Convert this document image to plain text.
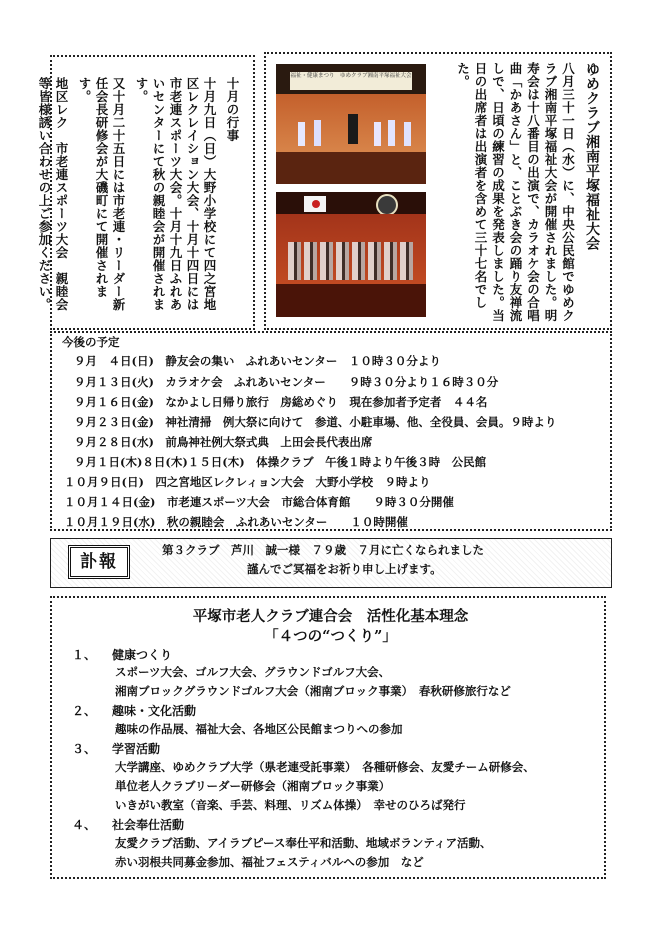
十月の行事

十月九日（日）大野小学校にて四之宮地区レクレイション大会、十月十四日には市老連スポーツ大会。十月十九日ふれあいセンターにて秋の親睦会が開催されます。

又十月二十五日には市老連・リーダー新任会長研修会が大磯町にて開催されます。

地区レク　市老連スポーツ大会　親睦会等皆様誘い合わせの上ご参加ください。

福祉・健康まつり　ゆめクラブ湘南平塚福祉大会	ゆめクラブ湘南平塚福祉大会

八月三十一日（水）に、中央公民館でゆめクラブ湘南平塚福祉大会が開催されました。明寿会は十八番目の出演で、カラオケ会の合唱曲「かあさん」と、ことぶき会の踊り友禅流しで、日頃の練習の成果を発表しました。当日の出席者は出演者を含めて三十七名でした。

今後の予定
９月　４日(日)　静友会の集い　ふれあいセンター　１０時３０分より
９月１３日(火)　カラオケ会　ふれあいセンター　　９時３０分より１６時３０分
９月１６日(金)　なかよし日帰り旅行　房総めぐり　現在参加者予定者　４４名
９月２３日(金)　神社清掃　例大祭に向けて　参道、小駐車場、他、全役員、会員。９時より
９月２８日(水)　前鳥神社例大祭式典　上田会長代表出席
９月１日(木)８日(木)１５日(木)　体操クラブ　午後１時より午後３時　公民館
１０月９日(日)　四之宮地区レクレィョン大会　大野小学校　９時より
１０月１４日(金)　市老連スポーツ大会　市総合体育館　　９時３０分開催
１０月１９日(水)　秋の親睦会　ふれあいセンター　　１０時開催
訃報
第３クラブ　芦川　誠一様　７９歳　７月に亡くなられました
謹んでご冥福をお祈り申し上げます。
平塚市老人クラブ連合会　活性化基本理念
「４つの“つくり”」
１、 健康つくり
スポーツ大会、ゴルフ大会、グラウンドゴルフ大会、
湘南ブロックグラウンドゴルフ大会（湘南ブロック事業）　春秋研修旅行など
２、 趣味・文化活動
趣味の作品展、福祉大会、各地区公民館まつりへの参加
３、 学習活動
大学講座、ゆめクラブ大学（県老連受託事業）　各種研修会、友愛チーム研修会、
単位老人クラブリーダー研修会（湘南ブロック事業）
いきがい教室（音楽、手芸、料理、リズム体操）　幸せのひろば発行
４、 社会奉仕活動
友愛クラブ活動、アイラブピース奉仕平和活動、地域ボランティア活動、
赤い羽根共同募金参加、福祉フェスティバルへの参加　など
